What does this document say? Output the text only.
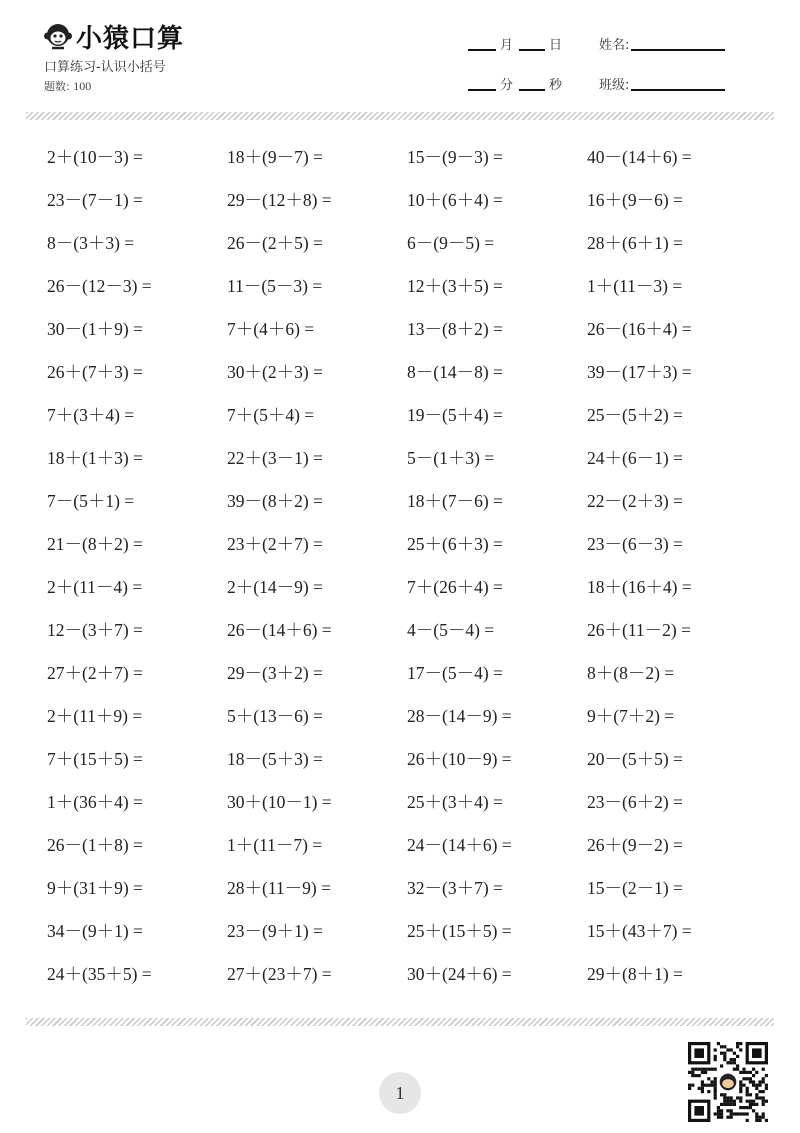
小猿口算
口算练习-认识小括号
题数: 100
月	日
分	秒
姓名:
班级:
2＋(10－3) =	18＋(9－7) =	15－(9－3) =	40－(14＋6) =
23－(7－1) =	29－(12＋8) =	10＋(6＋4) =	16＋(9－6) =
8－(3＋3) =	26－(2＋5) =	6－(9－5) =	28＋(6＋1) =
26－(12－3) =	11－(5－3) =	12＋(3＋5) =	1＋(11－3) =
30－(1＋9) =	7＋(4＋6) =	13－(8＋2) =	26－(16＋4) =
26＋(7＋3) =	30＋(2＋3) =	8－(14－8) =	39－(17＋3) =
7＋(3＋4) =	7＋(5＋4) =	19－(5＋4) =	25－(5＋2) =
18＋(1＋3) =	22＋(3－1) =	5－(1＋3) =	24＋(6－1) =
7－(5＋1) =	39－(8＋2) =	18＋(7－6) =	22－(2＋3) =
21－(8＋2) =	23＋(2＋7) =	25＋(6＋3) =	23－(6－3) =
2＋(11－4) =	2＋(14－9) =	7＋(26＋4) =	18＋(16＋4) =
12－(3＋7) =	26－(14＋6) =	4－(5－4) =	26＋(11－2) =
27＋(2＋7) =	29－(3＋2) =	17－(5－4) =	8＋(8－2) =
2＋(11＋9) =	5＋(13－6) =	28－(14－9) =	9＋(7＋2) =
7＋(15＋5) =	18－(5＋3) =	26＋(10－9) =	20－(5＋5) =
1＋(36＋4) =	30＋(10－1) =	25＋(3＋4) =	23－(6＋2) =
26－(1＋8) =	1＋(11－7) =	24－(14＋6) =	26＋(9－2) =
9＋(31＋9) =	28＋(11－9) =	32－(3＋7) =	15－(2－1) =
34－(9＋1) =	23－(9＋1) =	25＋(15＋5) =	15＋(43＋7) =
24＋(35＋5) =	27＋(23＋7) =	30＋(24＋6) =	29＋(8＋1) =
1
